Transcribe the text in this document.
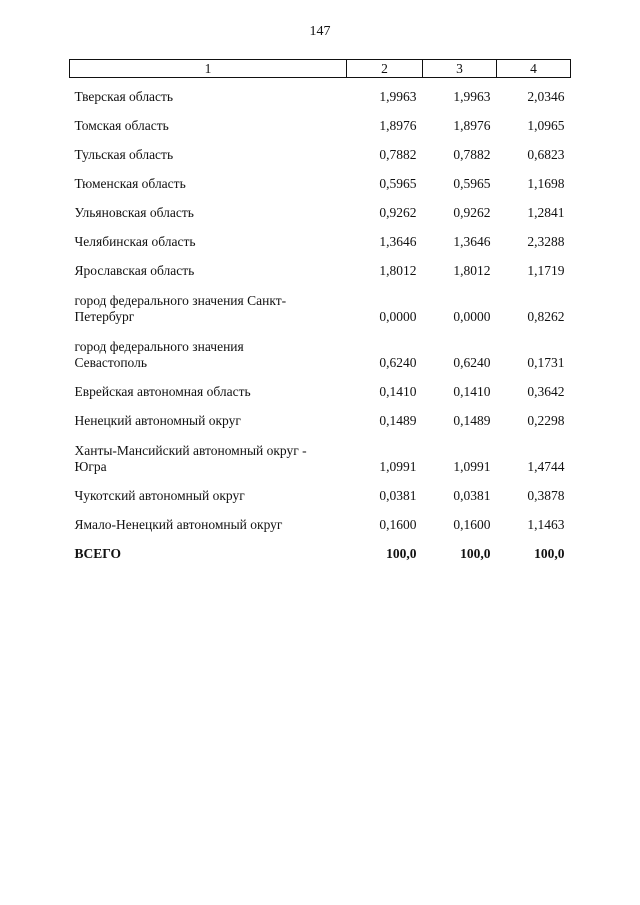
147
1	2	3	4
Тверская область	1,9963	1,9963	2,0346
Томская область	1,8976	1,8976	1,0965
Тульская область	0,7882	0,7882	0,6823
Тюменская область	0,5965	0,5965	1,1698
Ульяновская область	0,9262	0,9262	1,2841
Челябинская область	1,3646	1,3646	2,3288
Ярославская область	1,8012	1,8012	1,1719
город федерального значения Санкт-
Петербург	0,0000	0,0000	0,8262
город федерального значения
Севастополь	0,6240	0,6240	0,1731
Еврейская автономная область	0,1410	0,1410	0,3642
Ненецкий автономный округ	0,1489	0,1489	0,2298
Ханты-Мансийский автономный округ -
Югра	1,0991	1,0991	1,4744
Чукотский автономный округ	0,0381	0,0381	0,3878
Ямало-Ненецкий автономный округ	0,1600	0,1600	1,1463
ВСЕГО	100,0	100,0	100,0
